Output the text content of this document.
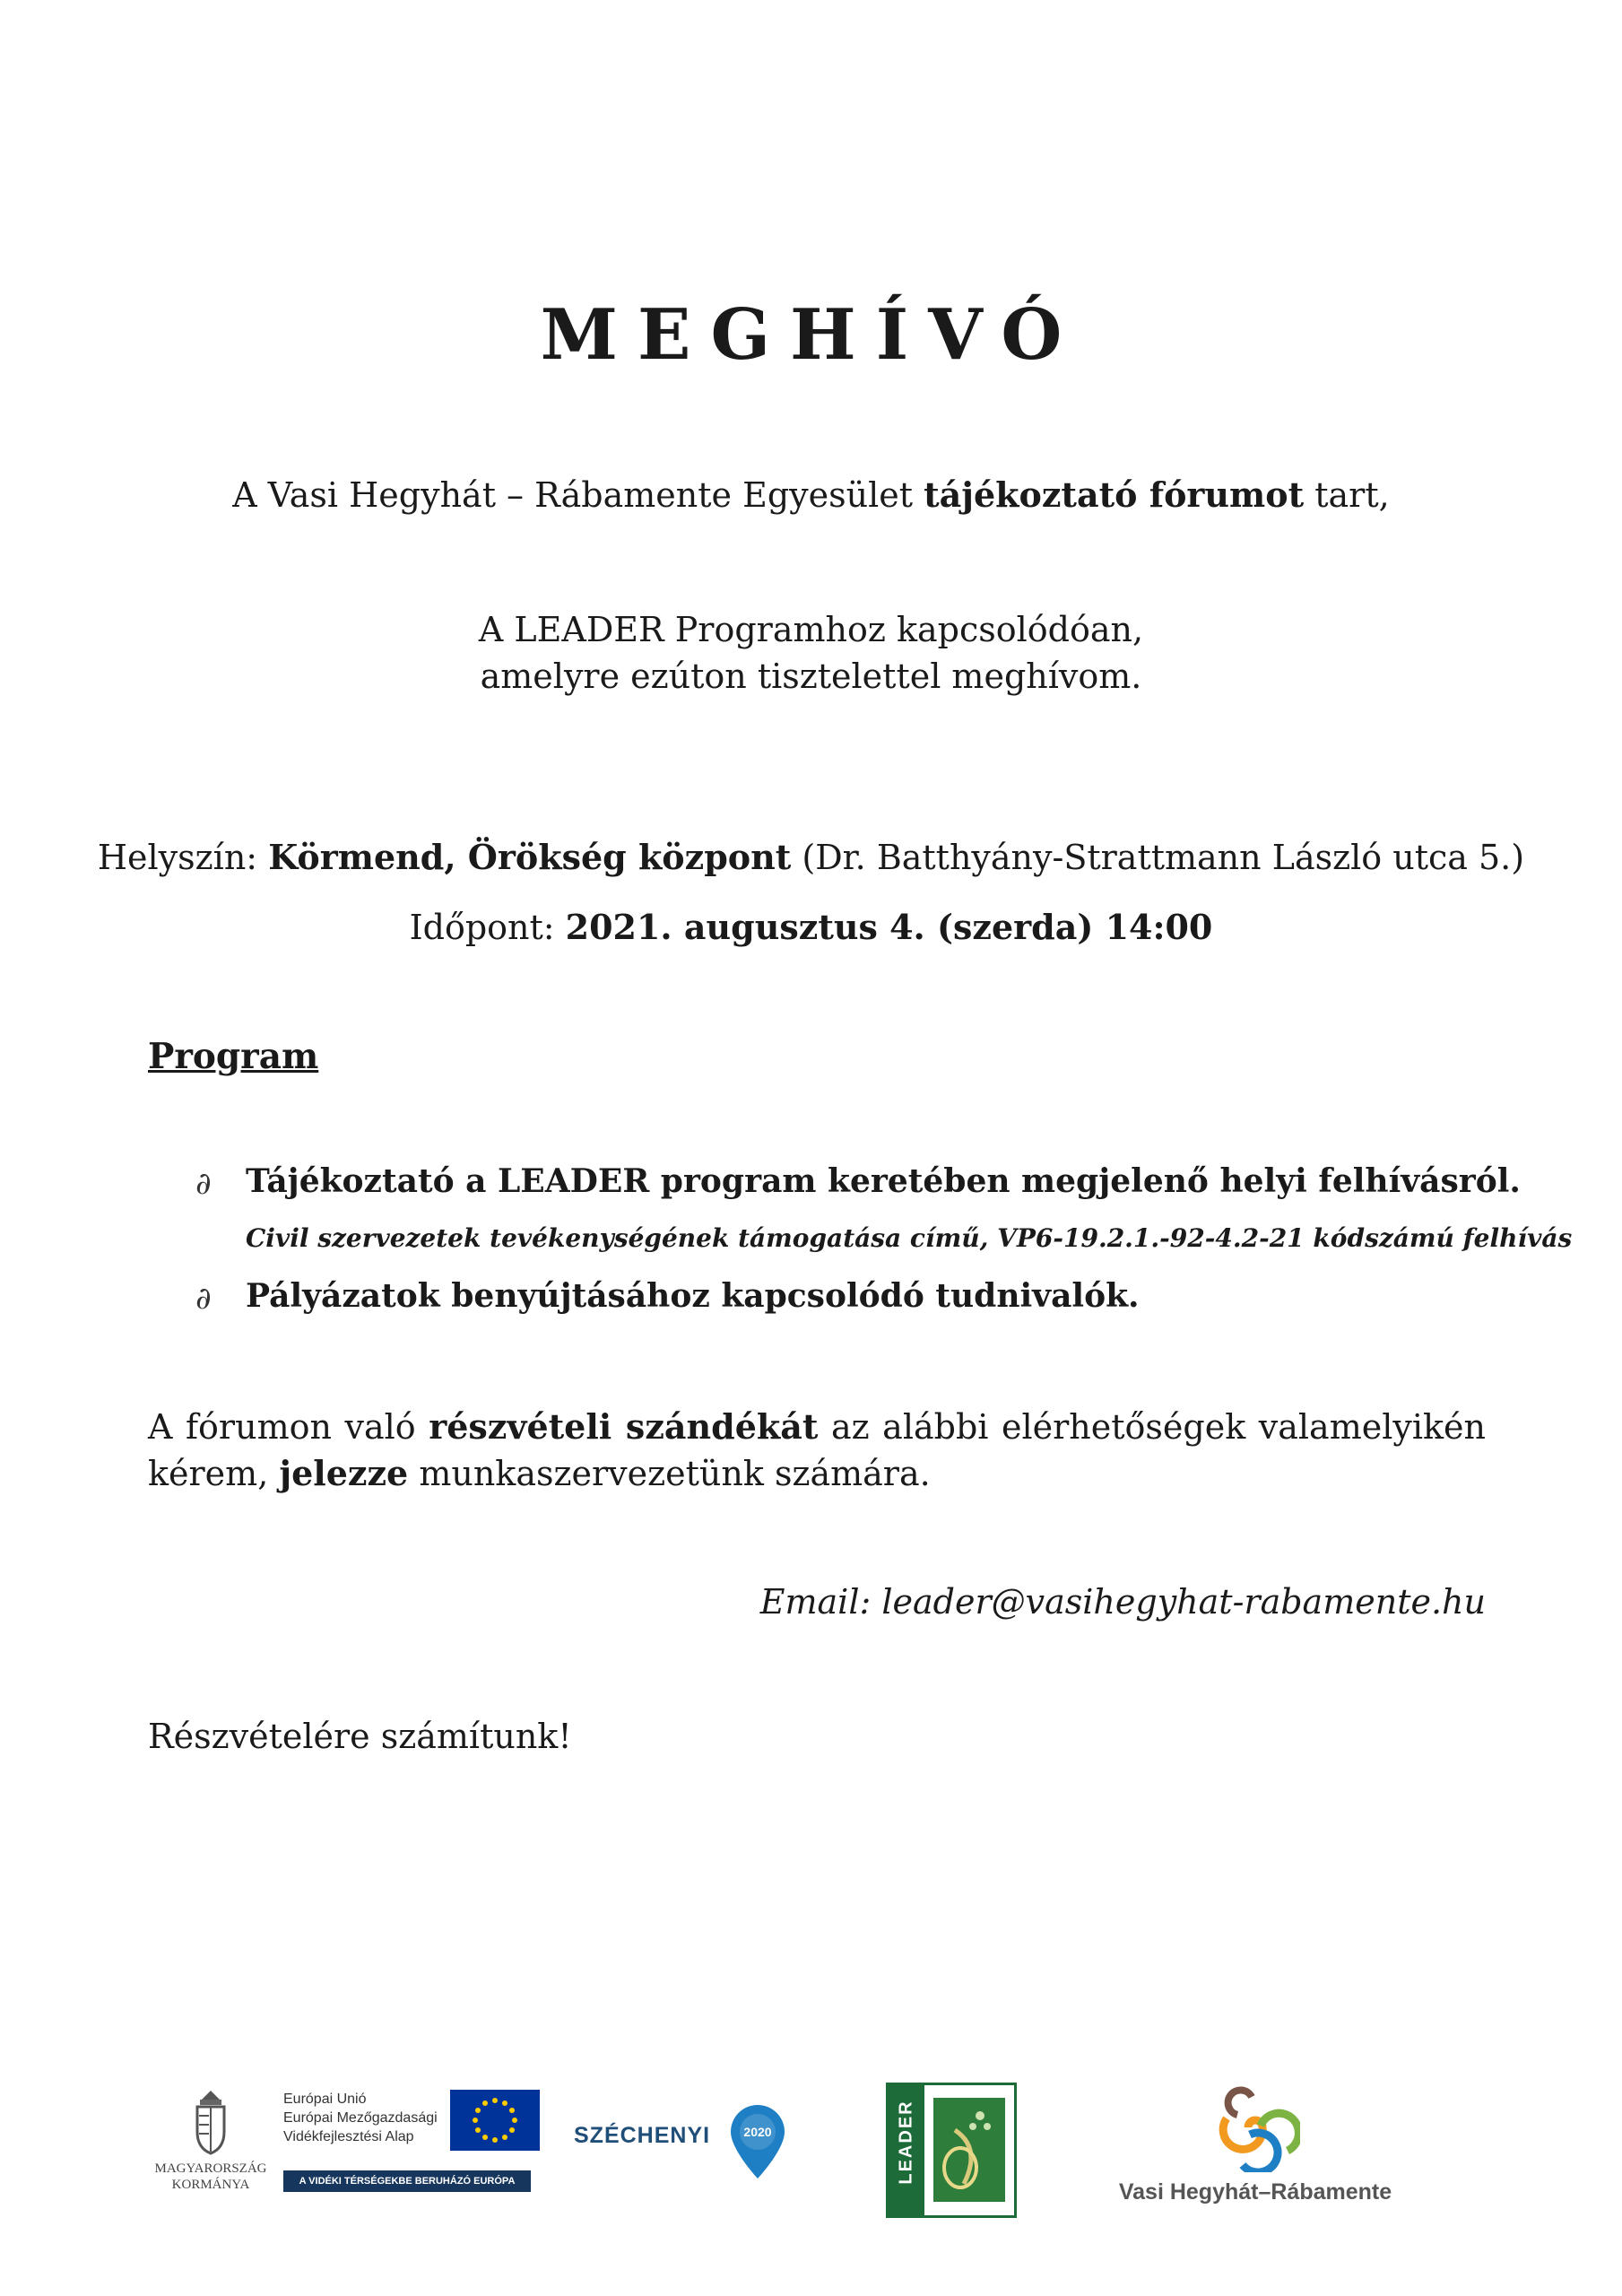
MEGHÍVÓ
A Vasi Hegyhát – Rábamente Egyesület tájékoztató fórumot tart,
A LEADER Programhoz kapcsolódóan,
amelyre ezúton tisztelettel meghívom.
Helyszín: Körmend, Örökség központ (Dr. Batthyány-Strattmann László utca 5.)
Időpont: 2021. augusztus 4. (szerda) 14:00
Program
∂ Tájékoztató a LEADER program keretében megjelenő helyi felhívásról.
Civil szervezetek tevékenységének támogatása című, VP6-19.2.1.-92-4.2-21 kódszámú felhívás
∂ Pályázatok benyújtásához kapcsolódó tudnivalók.
A fórumon való részvételi szándékát az alábbi elérhetőségek valamelyikén kérem, jelezze munkaszervezetünk számára.
Email: leader@vasihegyhat-rabamente.hu
Részvételére számítunk!
MAGYARORSZÁG
KORMÁNYA
Európai Unió
Európai Mezőgazdasági
Vidékfejlesztési Alap
A VIDÉKI TÉRSÉGEKBE BERUHÁZÓ EURÓPA
SZÉCHENYI	2020	LEADER
Vasi Hegyhát–Rábamente
